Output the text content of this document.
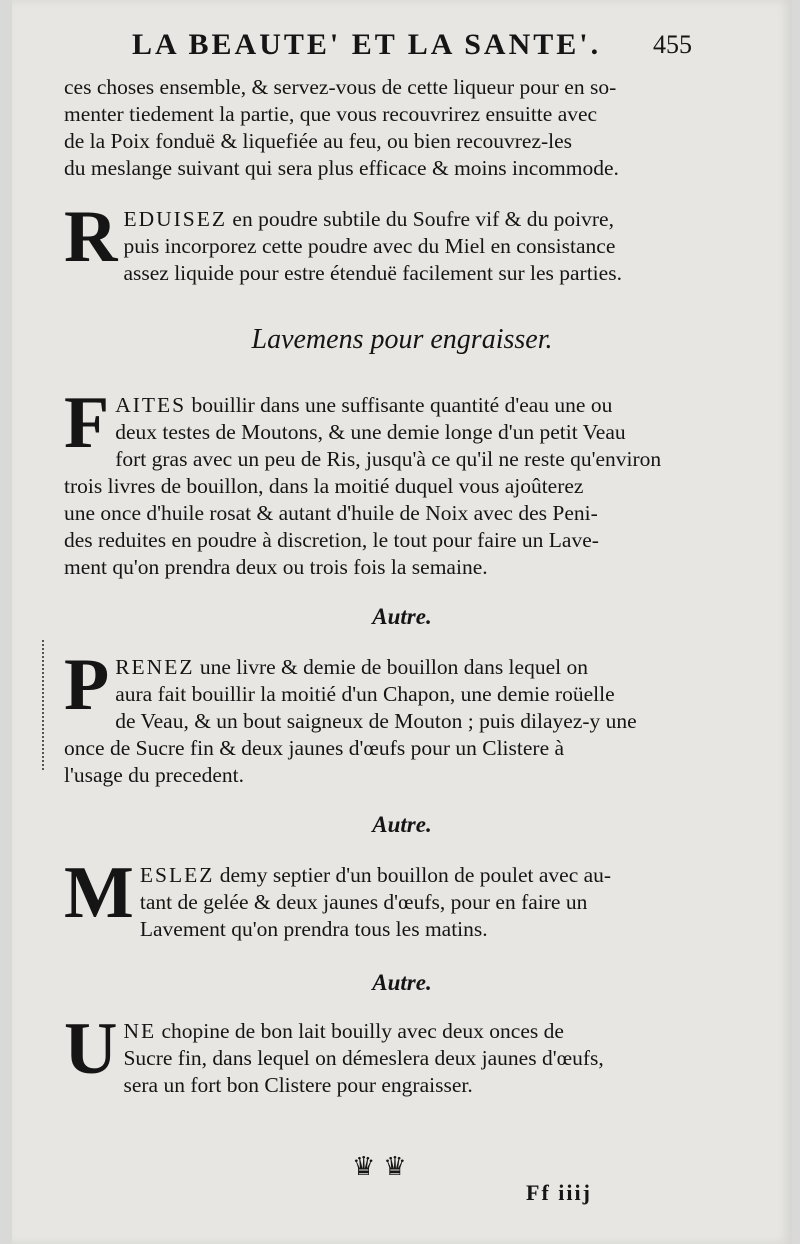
LA BEAUTE' ET LA SANTE'. 455
ces choses ensemble, & servez-vous de cette liqueur pour en so-
menter tiedement la partie, que vous recouvrirez ensuitte avec
de la Poix fonduë & liquefiée au feu, ou bien recouvrez-les
du meslange suivant qui sera plus efficace & moins incommode.
R EDUISEZ en poudre subtile du Soufre vif & du poivre,
puis incorporez cette poudre avec du Miel en consistance
assez liquide pour estre étenduë facilement sur les parties.
Lavemens pour engraisser.
F AITES bouillir dans une suffisante quantité d'eau une ou
deux testes de Moutons, & une demie longe d'un petit Veau
fort gras avec un peu de Ris, jusqu'à ce qu'il ne reste qu'environ
trois livres de bouillon, dans la moitié duquel vous ajoûterez
une once d'huile rosat & autant d'huile de Noix avec des Peni-
des reduites en poudre à discretion, le tout pour faire un Lave-
ment qu'on prendra deux ou trois fois la semaine.
Autre.
P RENEZ une livre & demie de bouillon dans lequel on
aura fait bouillir la moitié d'un Chapon, une demie roüelle
de Veau, & un bout saigneux de Mouton ; puis dilayez-y une
once de Sucre fin & deux jaunes d'œufs pour un Clistere à
l'usage du precedent.
Autre.
M ESLEZ demy septier d'un bouillon de poulet avec au-
tant de gelée & deux jaunes d'œufs, pour en faire un
Lavement qu'on prendra tous les matins.
Autre.
U NE chopine de bon lait bouilly avec deux onces de
Sucre fin, dans lequel on démeslera deux jaunes d'œufs,
sera un fort bon Clistere pour engraisser.
♛♛
Ff iiij
